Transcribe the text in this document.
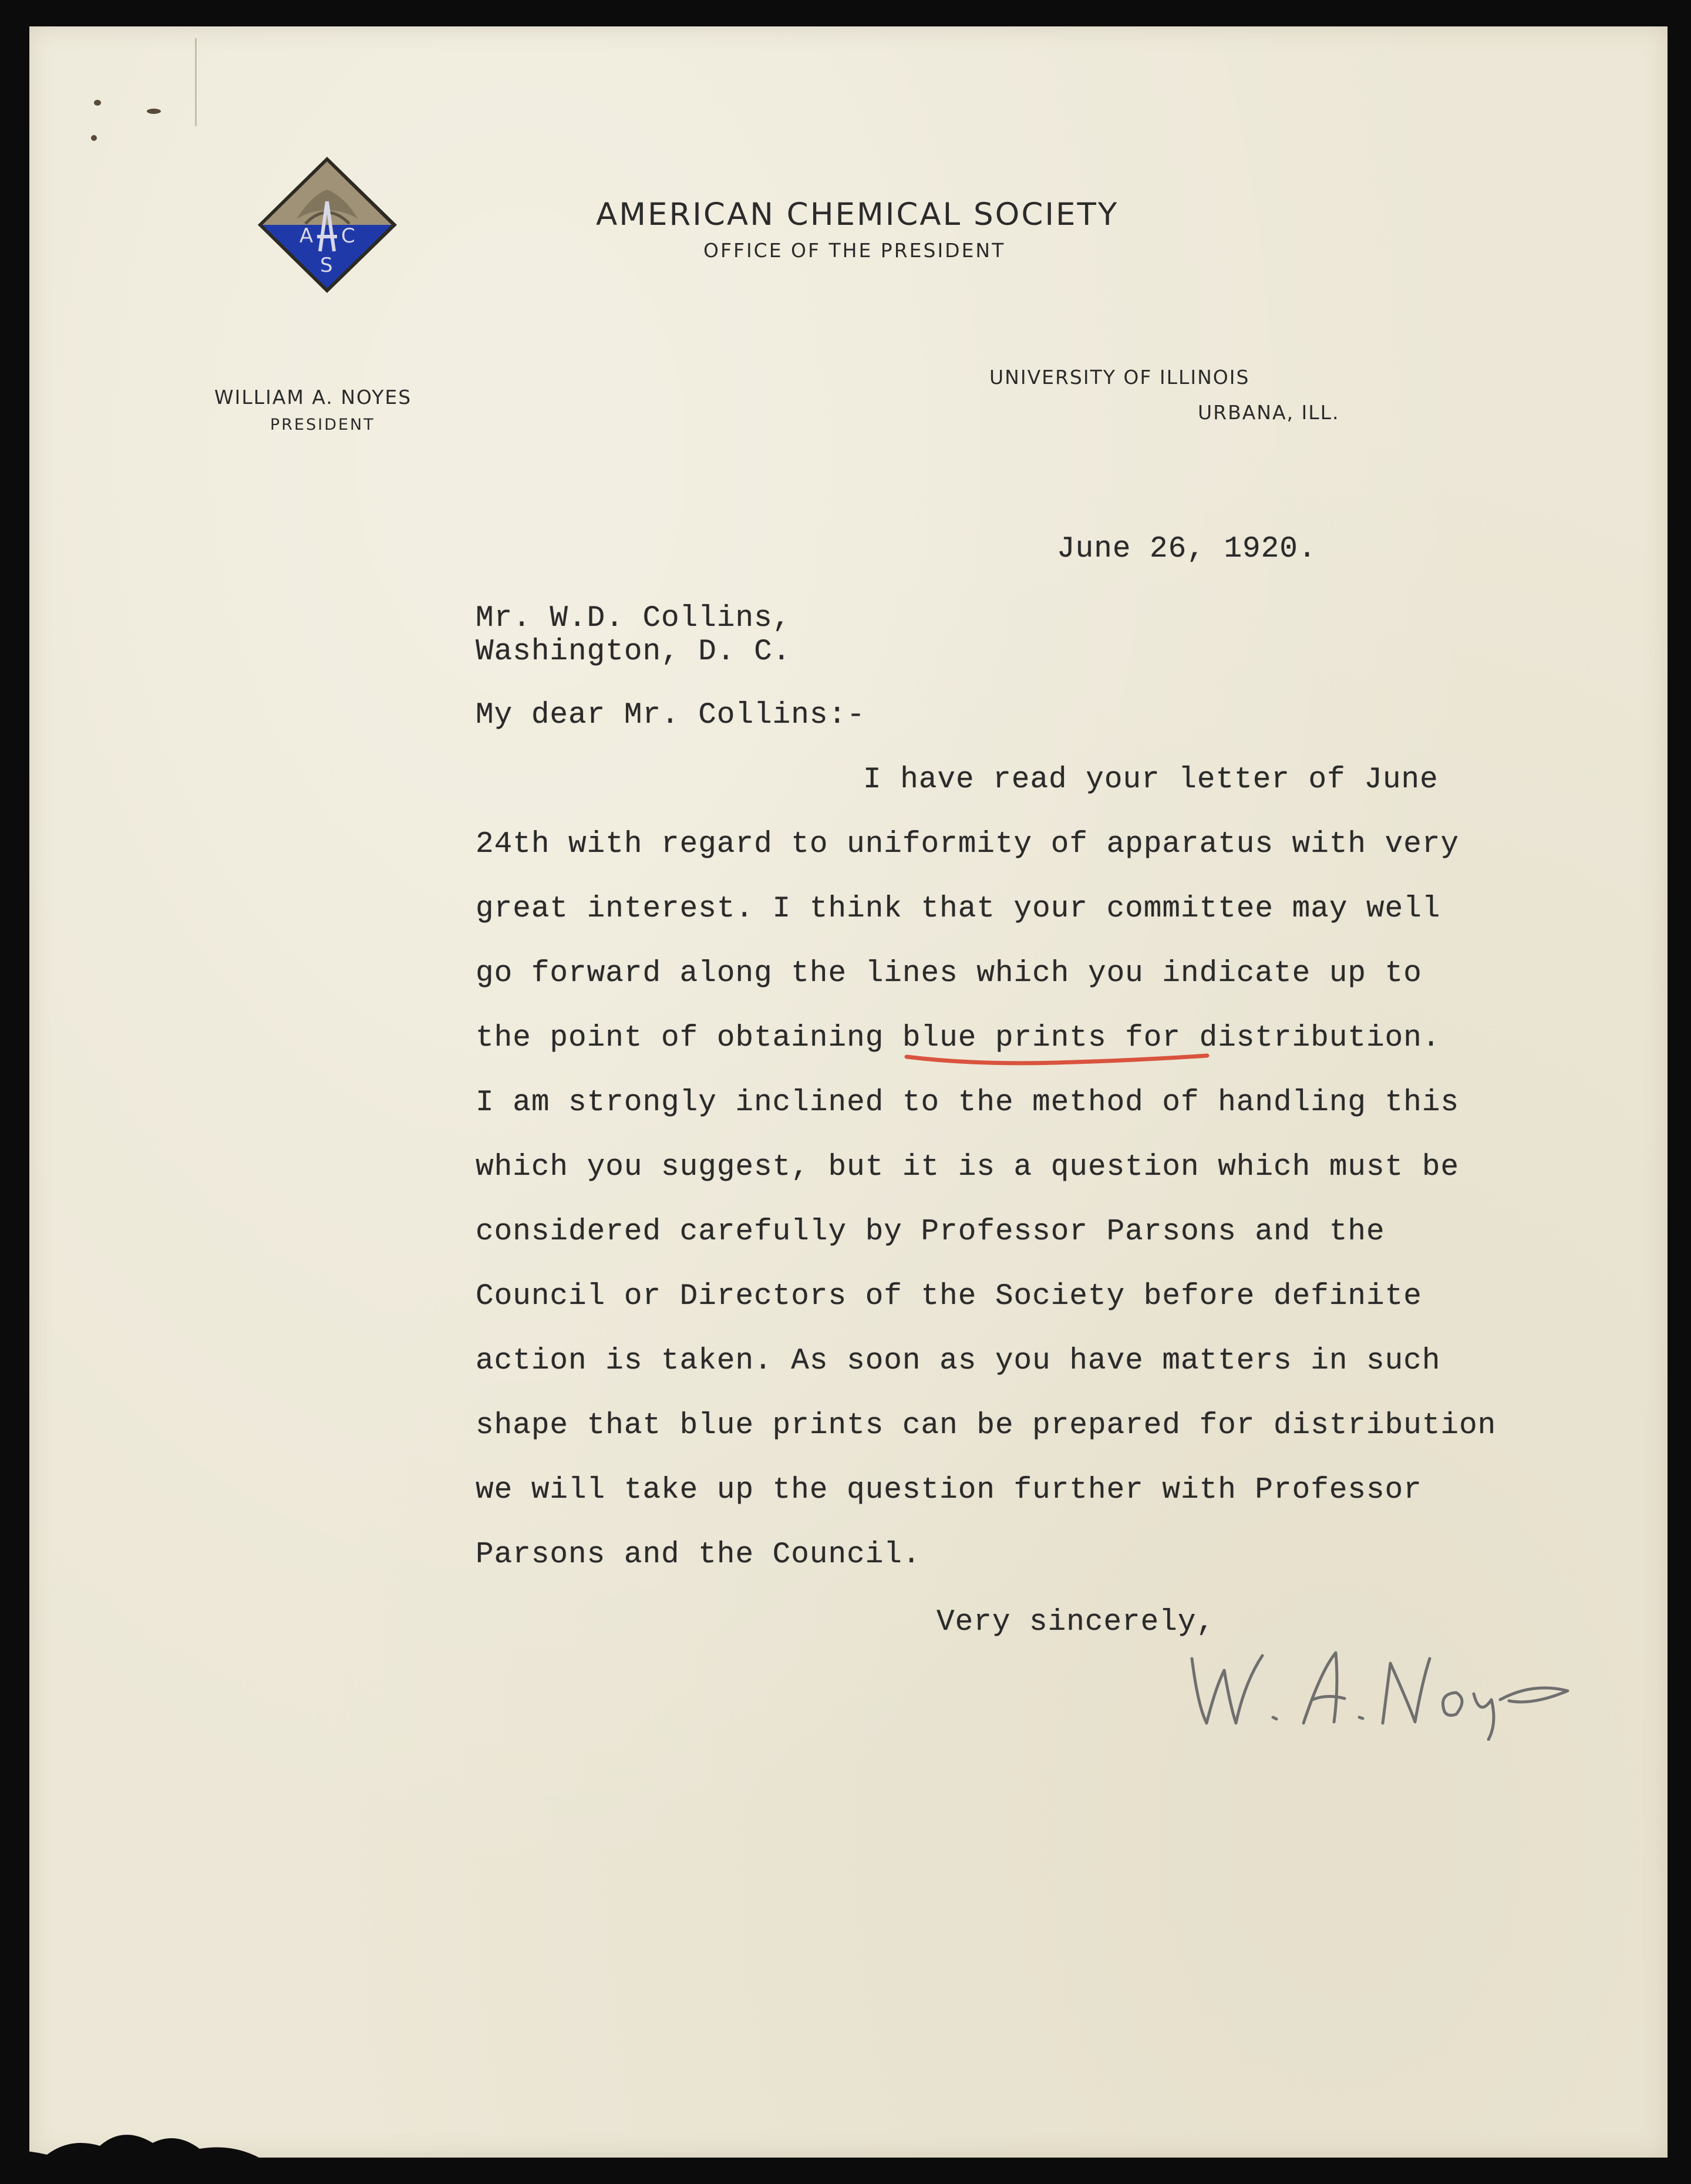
A C
S
AMERICAN CHEMICAL SOCIETY
OFFICE OF THE PRESIDENT
WILLIAM A. NOYES
PRESIDENT
UNIVERSITY OF ILLINOIS
URBANA, ILL.
June 26, 1920.
Mr. W.D. Collins,
Washington, D. C.
My dear Mr. Collins:-
I have read your letter of June
24th with regard to uniformity of apparatus with very
great interest. I think that your committee may well
go forward along the lines which you indicate up to
the point of obtaining blue prints for distribution.
I am strongly inclined to the method of handling this
which you suggest, but it is a question which must be
considered carefully by Professor Parsons and the
Council or Directors of the Society before definite
action is taken. As soon as you have matters in such
shape that blue prints can be prepared for distribution
we will take up the question further with Professor
Parsons and the Council.
Very sincerely,
